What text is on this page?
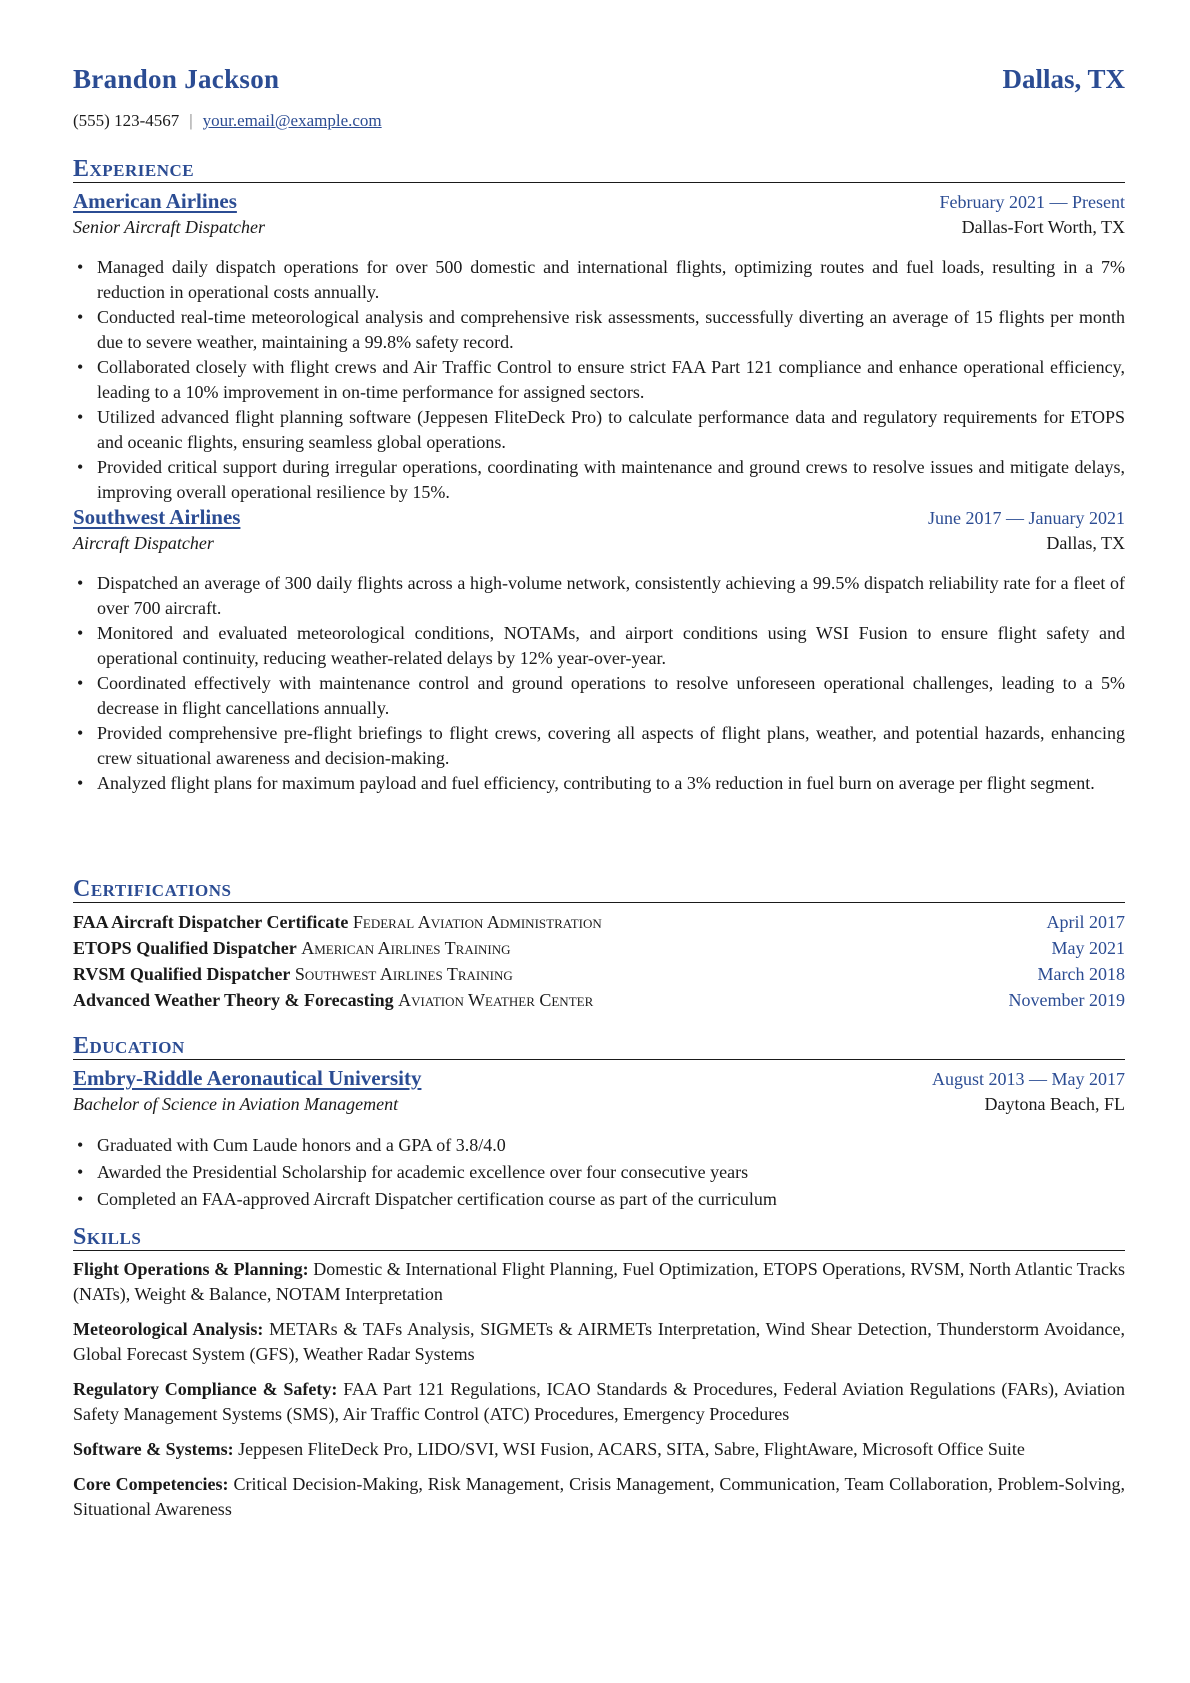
Brandon Jackson	Dallas, TX
(555) 123-4567 | your.email@example.com
Experience
American Airlines	February 2021 — Present
Senior Aircraft Dispatcher	Dallas-Fort Worth, TX
• Managed daily dispatch operations for over 500 domestic and international flights, optimizing routes and fuel loads, resulting in a 7% reduction in operational costs annually.
• Conducted real-time meteorological analysis and comprehensive risk assessments, successfully diverting an average of 15 flights per month due to severe weather, maintaining a 99.8% safety record.
• Collaborated closely with flight crews and Air Traffic Control to ensure strict FAA Part 121 compliance and enhance operational efficiency, leading to a 10% improvement in on-time performance for assigned sectors.
• Utilized advanced flight planning software (Jeppesen FliteDeck Pro) to calculate performance data and regulatory requirements for ETOPS and oceanic flights, ensuring seamless global operations.
• Provided critical support during irregular operations, coordinating with maintenance and ground crews to resolve issues and mitigate delays, improving overall operational resilience by 15%.
Southwest Airlines	June 2017 — January 2021
Aircraft Dispatcher	Dallas, TX
• Dispatched an average of 300 daily flights across a high-volume network, consistently achieving a 99.5% dispatch reliability rate for a fleet of over 700 aircraft.
• Monitored and evaluated meteorological conditions, NOTAMs, and airport conditions using WSI Fusion to ensure flight safety and operational continuity, reducing weather-related delays by 12% year-over-year.
• Coordinated effectively with maintenance control and ground operations to resolve unforeseen operational challenges, leading to a 5% decrease in flight cancellations annually.
• Provided comprehensive pre-flight briefings to flight crews, covering all aspects of flight plans, weather, and potential hazards, enhancing crew situational awareness and decision-making.
• Analyzed flight plans for maximum payload and fuel efficiency, contributing to a 3% reduction in fuel burn on average per flight segment.
Certifications
FAA Aircraft Dispatcher Certificate Federal Aviation Administration	April 2017
ETOPS Qualified Dispatcher American Airlines Training	May 2021
RVSM Qualified Dispatcher Southwest Airlines Training	March 2018
Advanced Weather Theory & Forecasting Aviation Weather Center	November 2019
Education
Embry-Riddle Aeronautical University	August 2013 — May 2017
Bachelor of Science in Aviation Management	Daytona Beach, FL
• Graduated with Cum Laude honors and a GPA of 3.8/4.0
• Awarded the Presidential Scholarship for academic excellence over four consecutive years
• Completed an FAA-approved Aircraft Dispatcher certification course as part of the curriculum
Skills
Flight Operations & Planning: Domestic & International Flight Planning, Fuel Optimization, ETOPS Operations, RVSM, North Atlantic Tracks (NATs), Weight & Balance, NOTAM Interpretation
Meteorological Analysis: METARs & TAFs Analysis, SIGMETs & AIRMETs Interpretation, Wind Shear Detection, Thunderstorm Avoidance, Global Forecast System (GFS), Weather Radar Systems
Regulatory Compliance & Safety: FAA Part 121 Regulations, ICAO Standards & Procedures, Federal Aviation Regulations (FARs), Aviation Safety Management Systems (SMS), Air Traffic Control (ATC) Procedures, Emergency Procedures
Software & Systems: Jeppesen FliteDeck Pro, LIDO/SVI, WSI Fusion, ACARS, SITA, Sabre, FlightAware, Microsoft Office Suite
Core Competencies: Critical Decision-Making, Risk Management, Crisis Management, Communication, Team Collaboration, Problem-Solving, Situational Awareness
